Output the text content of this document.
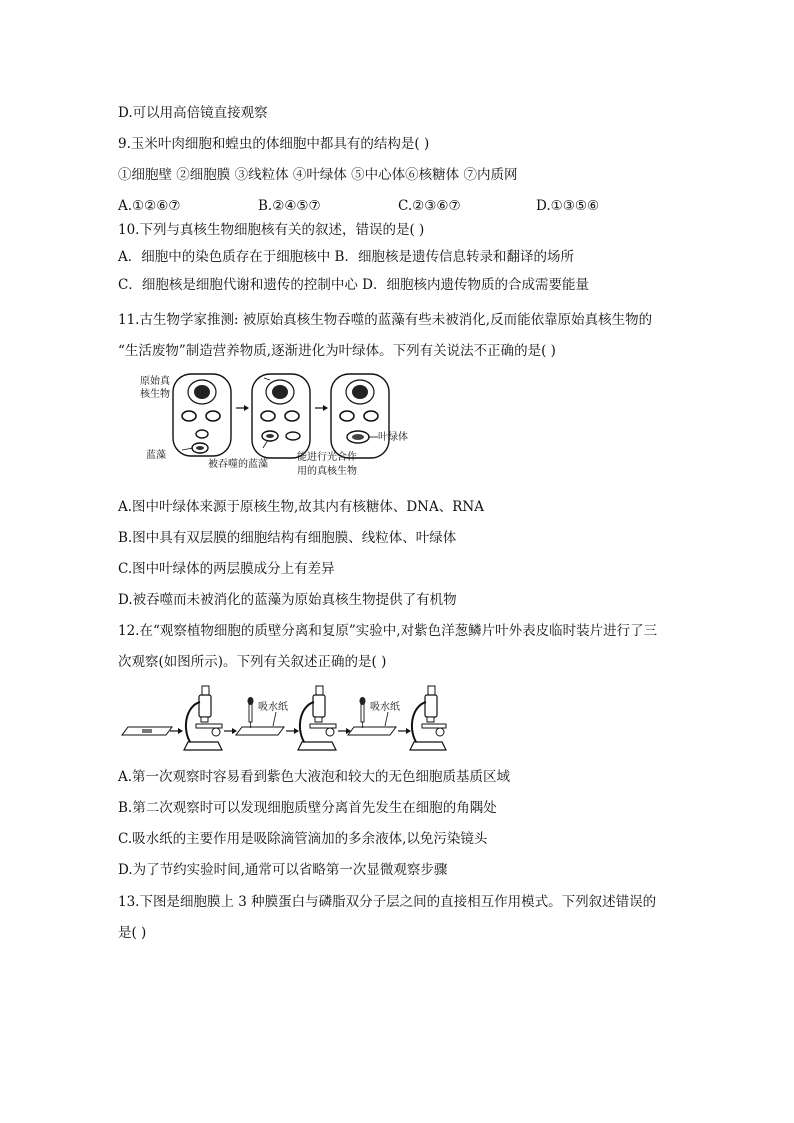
D.可以用高倍镜直接观察
9.玉米叶肉细胞和蝗虫的体细胞中都具有的结构是( )
①细胞壁 ②细胞膜 ③线粒体 ④叶绿体 ⑤中心体⑥核糖体 ⑦内质网
A.①②⑥⑦	B.②④⑤⑦	C.②③⑥⑦	D.①③⑤⑥
10.下列与真核生物细胞核有关的叙述，错误的是( )
A．细胞中的染色质存在于细胞核中 B．细胞核是遗传信息转录和翻译的场所
C．细胞核是细胞代谢和遗传的控制中心 D．细胞核内遗传物质的合成需要能量
11.古生物学家推测: 被原始真核生物吞噬的蓝藻有些未被消化,反而能依靠原始真核生物的
“生活废物”制造营养物质,逐渐进化为叶绿体。下列有关说法不正确的是( )
原始真
核生物
蓝藻
被吞噬的蓝藻
叶绿体
能进行光合作
用的真核生物
A.图中叶绿体来源于原核生物,故其内有核糖体、DNA、RNA
B.图中具有双层膜的细胞结构有细胞膜、线粒体、叶绿体
C.图中叶绿体的两层膜成分上有差异
D.被吞噬而未被消化的蓝藻为原始真核生物提供了有机物
12.在“观察植物细胞的质壁分离和复原”实验中,对紫色洋葱鳞片叶外表皮临时装片进行了三
次观察(如图所示)。下列有关叙述正确的是( )
吸水纸	吸水纸
A.第一次观察时容易看到紫色大液泡和较大的无色细胞质基质区域
B.第二次观察时可以发现细胞质壁分离首先发生在细胞的角隅处
C.吸水纸的主要作用是吸除滴管滴加的多余液体,以免污染镜头
D.为了节约实验时间,通常可以省略第一次显微观察步骤
13.下图是细胞膜上 3 种膜蛋白与磷脂双分子层之间的直接相互作用模式。下列叙述错误的
是( )
